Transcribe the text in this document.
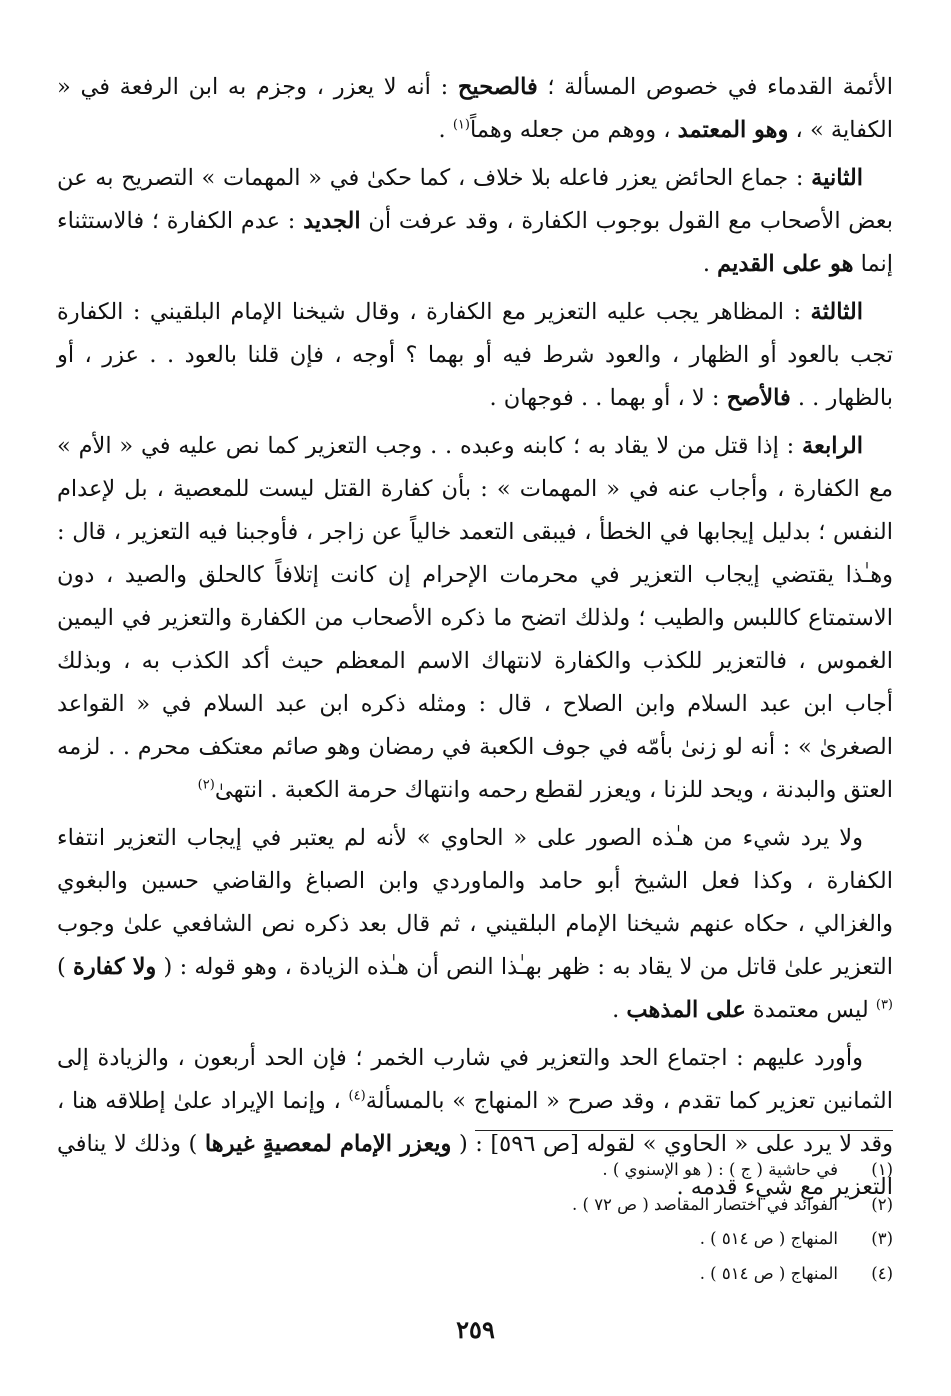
الأئمة القدماء في خصوص المسألة ؛ فالصحيح : أنه لا يعزر ، وجزم به ابن الرفعة في « الكفاية » ، وهو المعتمد ، ووهم من جعله وهماً$^{(١)}$ .

الثانية : جماع الحائض يعزر فاعله بلا خلاف ، كما حكىٰ في « المهمات » التصريح به عن بعض الأصحاب مع القول بوجوب الكفارة ، وقد عرفت أن الجديد : عدم الكفارة ؛ فالاستثناء إنما هو على القديم .

الثالثة : المظاهر يجب عليه التعزير مع الكفارة ، وقال شيخنا الإمام البلقيني : الكفارة تجب بالعود أو الظهار ، والعود شرط فيه أو بهما ؟ أوجه ، فإن قلنا بالعود . . عزر ، أو بالظهار . . فالأصح : لا ، أو بهما . . فوجهان .

الرابعة : إذا قتل من لا يقاد به ؛ كابنه وعبده . . وجب التعزير كما نص عليه في « الأم » مع الكفارة ، وأجاب عنه في « المهمات » : بأن كفارة القتل ليست للمعصية ، بل لإعدام النفس ؛ بدليل إيجابها في الخطأ ، فيبقى التعمد خالياً عن زاجر ، فأوجبنا فيه التعزير ، قال : وهـٰذا يقتضي إيجاب التعزير في محرمات الإحرام إن كانت إتلافاً كالحلق والصيد ، دون الاستمتاع كاللبس والطيب ؛ ولذلك اتضح ما ذكره الأصحاب من الكفارة والتعزير في اليمين الغموس ، فالتعزير للكذب والكفارة لانتهاك الاسم المعظم حيث أكد الكذب به ، وبذلك أجاب ابن عبد السلام وابن الصلاح ، قال : ومثله ذكره ابن عبد السلام في « القواعد الصغرىٰ » : أنه لو زنىٰ بأمّه في جوف الكعبة في رمضان وهو صائم معتكف محرم . . لزمه العتق والبدنة ، ويحد للزنا ، ويعزر لقطع رحمه وانتهاك حرمة الكعبة . انتهىٰ$^{(٢)}$

ولا يرد شيء من هـٰذه الصور على « الحاوي » لأنه لم يعتبر في إيجاب التعزير انتفاء الكفارة ، وكذا فعل الشيخ أبو حامد والماوردي وابن الصباغ والقاضي حسين والبغوي والغزالي ، حكاه عنهم شيخنا الإمام البلقيني ، ثم قال بعد ذكره نص الشافعي علىٰ وجوب التعزير علىٰ قاتل من لا يقاد به : ظهر بهـٰذا النص أن هـٰذه الزيادة ، وهو قوله : ( ولا كفارة )$^{(٣)}$ ليس معتمدة على المذهب .

وأورد عليهم : اجتماع الحد والتعزير في شارب الخمر ؛ فإن الحد أربعون ، والزيادة إلى الثمانين تعزير كما تقدم ، وقد صرح « المنهاج » بالمسألة$^{(٤)}$ ، وإنما الإيراد علىٰ إطلاقه هنا ، وقد لا يرد على « الحاوي » لقوله [ص ٥٩٦] : ( ويعزر الإمام لمعصيةٍ غيرها ) وذلك لا ينافي التعزير مع شيء قدمه .

(١)
في حاشية ( ج ) : ( هو الإسنوي ) .
(٢)
الفوائد في اختصار المقاصد ( ص ٧٢ ) .
(٣)
المنهاج ( ص ٥١٤ ) .
(٤)
المنهاج ( ص ٥١٤ ) .
٢٥٩
